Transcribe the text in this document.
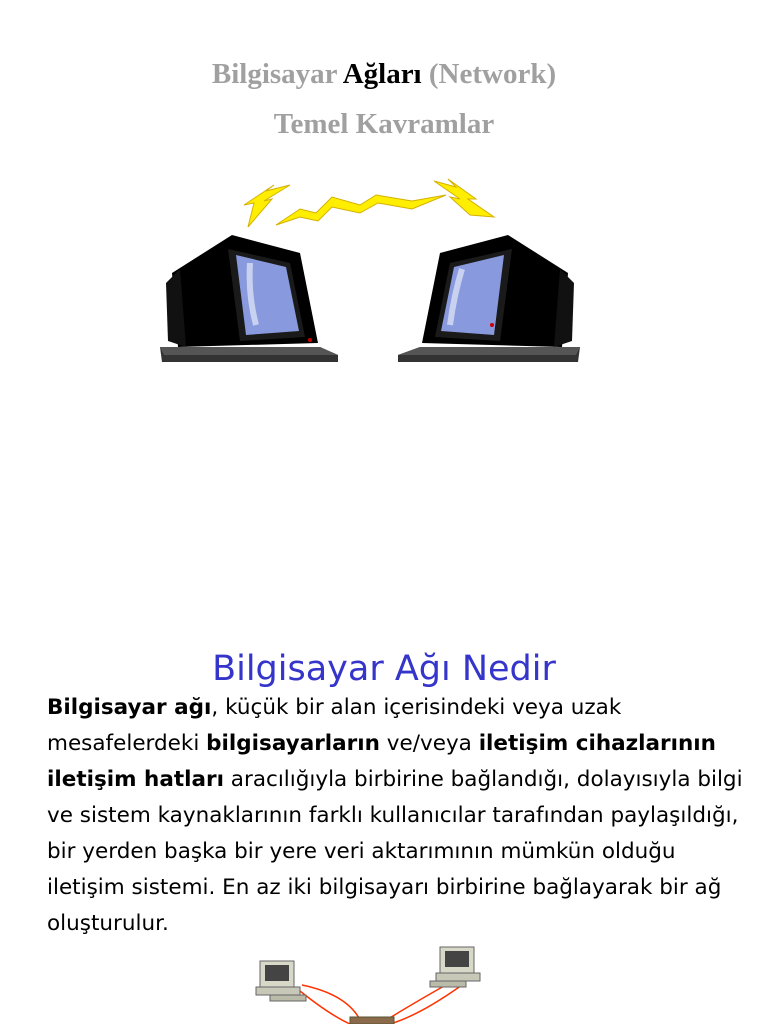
Bilgisayar Ağları (Network)
Temel Kavramlar
Bilgisayar Ağı Nedir

Bilgisayar ağı, küçük bir alan içerisindeki veya uzak mesafelerdeki bilgisayarların ve/veya iletişim cihazlarının iletişim hatları aracılığıyla birbirine bağlandığı, dolayısıyla bilgi ve sistem kaynaklarının farklı kullanıcılar tarafından paylaşıldığı, bir yerden başka bir yere veri aktarımının mümkün olduğu iletişim sistemi. En az iki bilgisayarı birbirine bağlayarak bir ağ oluşturulur.
